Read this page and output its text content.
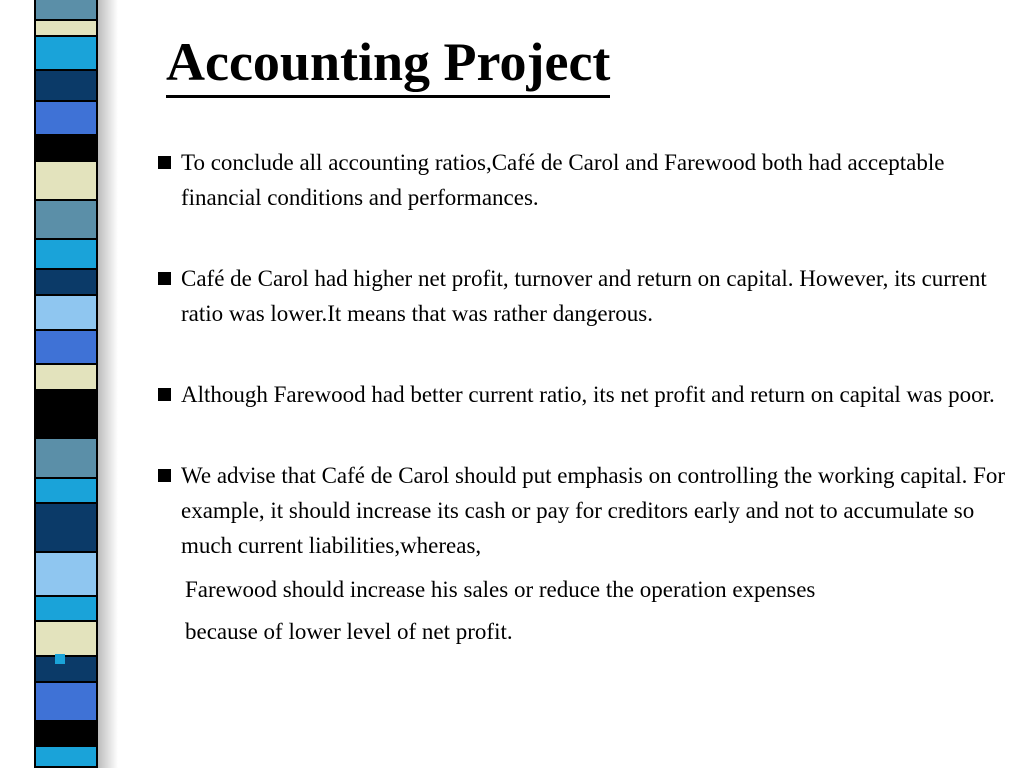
Accounting Project
To conclude all accounting ratios,Café de Carol and Farewood both had acceptable financial conditions and performances.
Café de Carol had higher net profit, turnover and return on capital. However, its current ratio was lower.It means that was rather dangerous.
Although Farewood had better current ratio, its net profit and return on capital was poor.
We advise that Café de Carol should put emphasis on controlling the working capital. For example, it should increase its cash or pay for creditors early and not to accumulate so much current liabilities,whereas,
Farewood should increase his sales or reduce the operation expenses
because of lower level of net profit.
